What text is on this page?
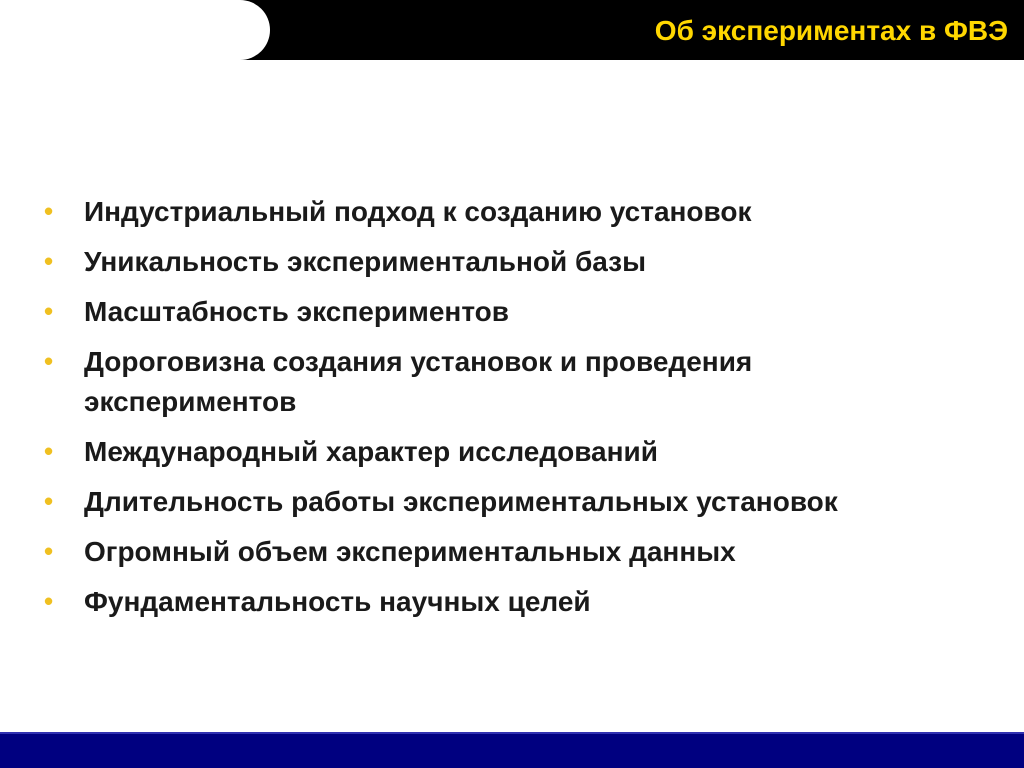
Об экспериментах в ФВЭ
• Индустриальный подход к созданию установок
• Уникальность экспериментальной базы
• Масштабность экспериментов
• Дороговизна создания установок и проведения экспериментов
• Международный характер исследований
• Длительность работы экспериментальных установок
• Огромный объем экспериментальных данных
• Фундаментальность научных целей
